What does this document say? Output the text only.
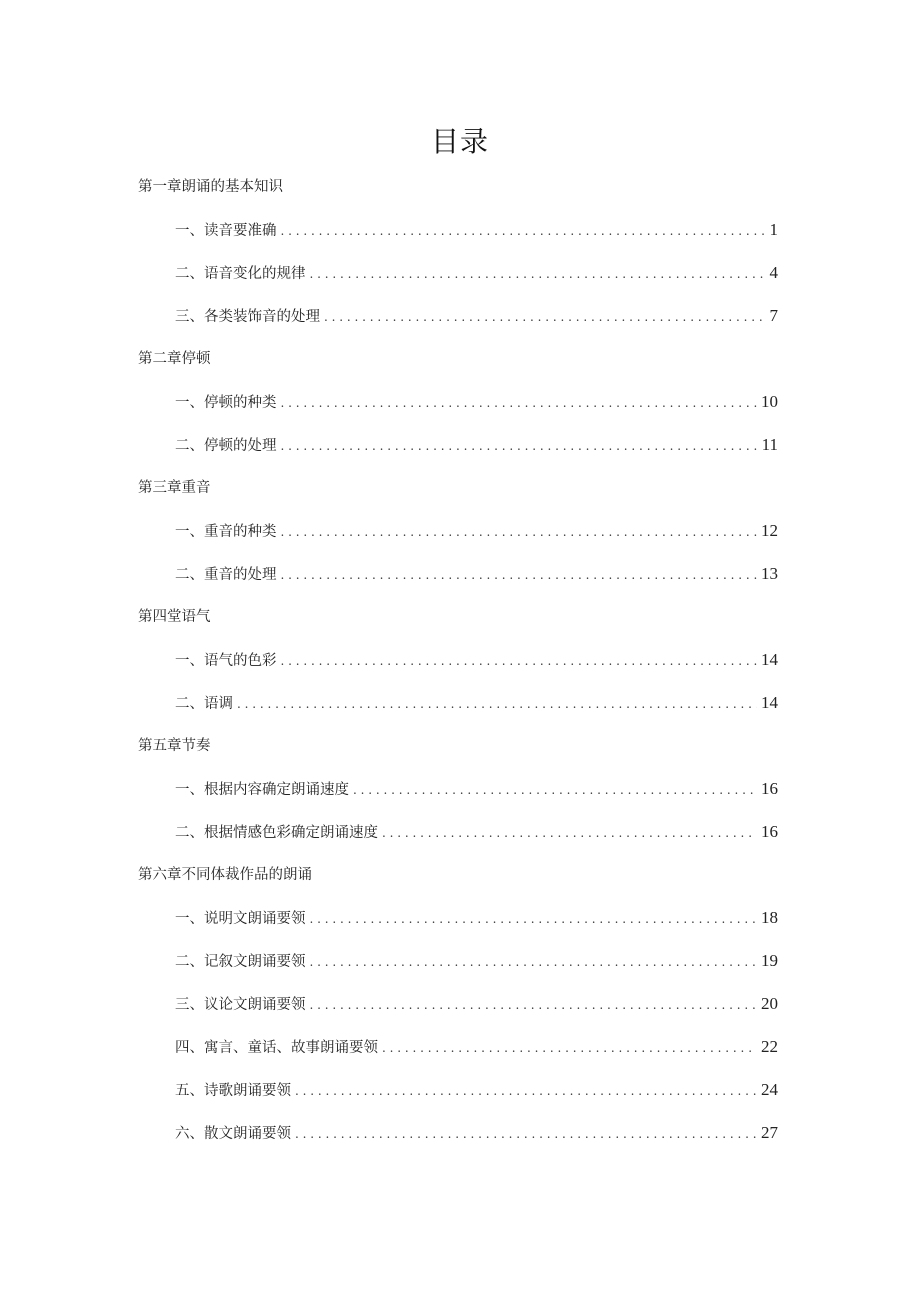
目录
第一章朗诵的基本知识
一、读音要准确 . . .	1
二、语音变化的规律 . . .	4
三、各类装饰音的处理 . . .	7
第二章停顿
一、停顿的种类 . . .	10
二、停顿的处理 . . .	11
第三章重音
一、重音的种类 . . .	12
二、重音的处理 . . .	13
第四堂语气
一、语气的色彩 . . .	14
二、语调 . . .	14
第五章节奏
一、根据内容确定朗诵速度 . . .	16
二、根据情感色彩确定朗诵速度 . . .	16
第六章不同体裁作品的朗诵
一、说明文朗诵要领 . . .	18
二、记叙文朗诵要领 . . .	19
三、议论文朗诵要领 . . .	20
四、寓言、童话、故事朗诵要领 . . .	22
五、诗歌朗诵要领 . . .	24
六、散文朗诵要领 . . .	27
